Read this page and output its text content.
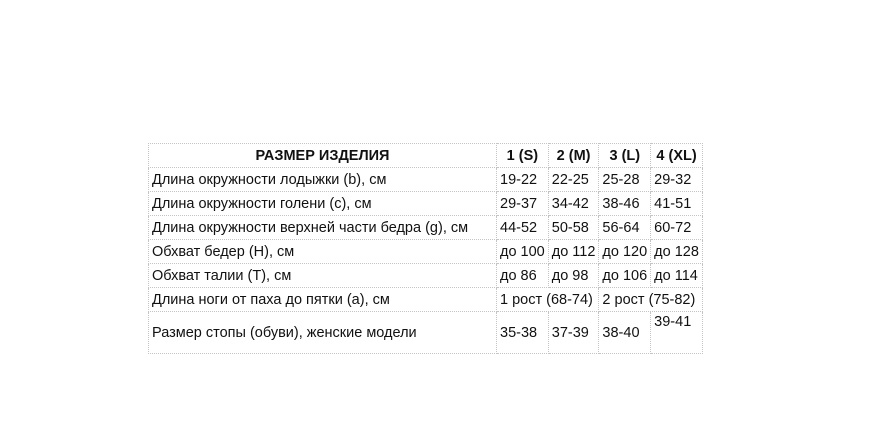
РАЗМЕР ИЗДЕЛИЯ	1 (S)	2 (M)	3 (L)	4 (XL)
Длина окружности лодыжки (b), см	19-22	22-25	25-28	29-32
Длина окружности голени (c), см	29-37	34-42	38-46	41-51
Длина окружности верхней части бедра (g), см	44-52	50-58	56-64	60-72
Обхват бедер (H), см	до 100	до 112	до 120	до 128
Обхват талии (T), см	до 86	до 98	до 106	до 114
Длина ноги от паха до пятки (a), см	1 рост (68-74)		2 рост (75-82)	
Размер стопы (обуви), женские модели	35-38	37-39	38-40	39-41
